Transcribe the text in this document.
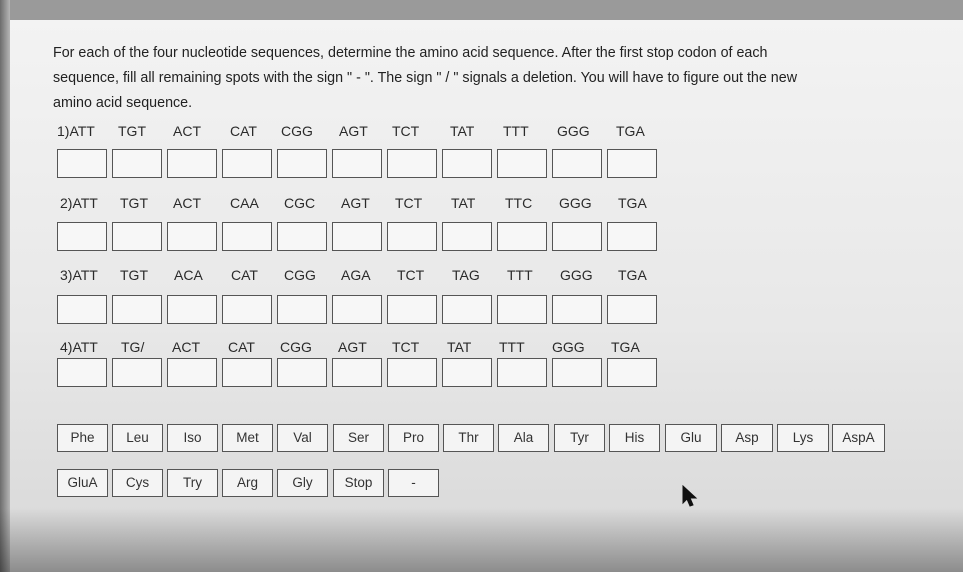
For each of the four nucleotide sequences, determine the amino acid sequence. After the first stop codon of each
sequence, fill all remaining spots with the sign " - ". The sign " / " signals a deletion. You will have to figure out the new
amino acid sequence.
1)ATT TGT ACT CAT CGG AGT TCT TAT TTT GGG TGA
2)ATT TGT ACT CAA CGC AGT TCT TAT TTC GGG TGA
3)ATT TGT ACA CAT CGG AGA TCT TAG TTT GGG TGA
4)ATT TG/ ACT CAT CGG AGT TCT TAT TTT GGG TGA
Phe	Leu	Iso	Met	Val	Ser	Pro	Thr	Ala	Tyr	His	Glu	Asp	Lys	AspA
GluA	Cys	Try	Arg	Gly	Stop	-
